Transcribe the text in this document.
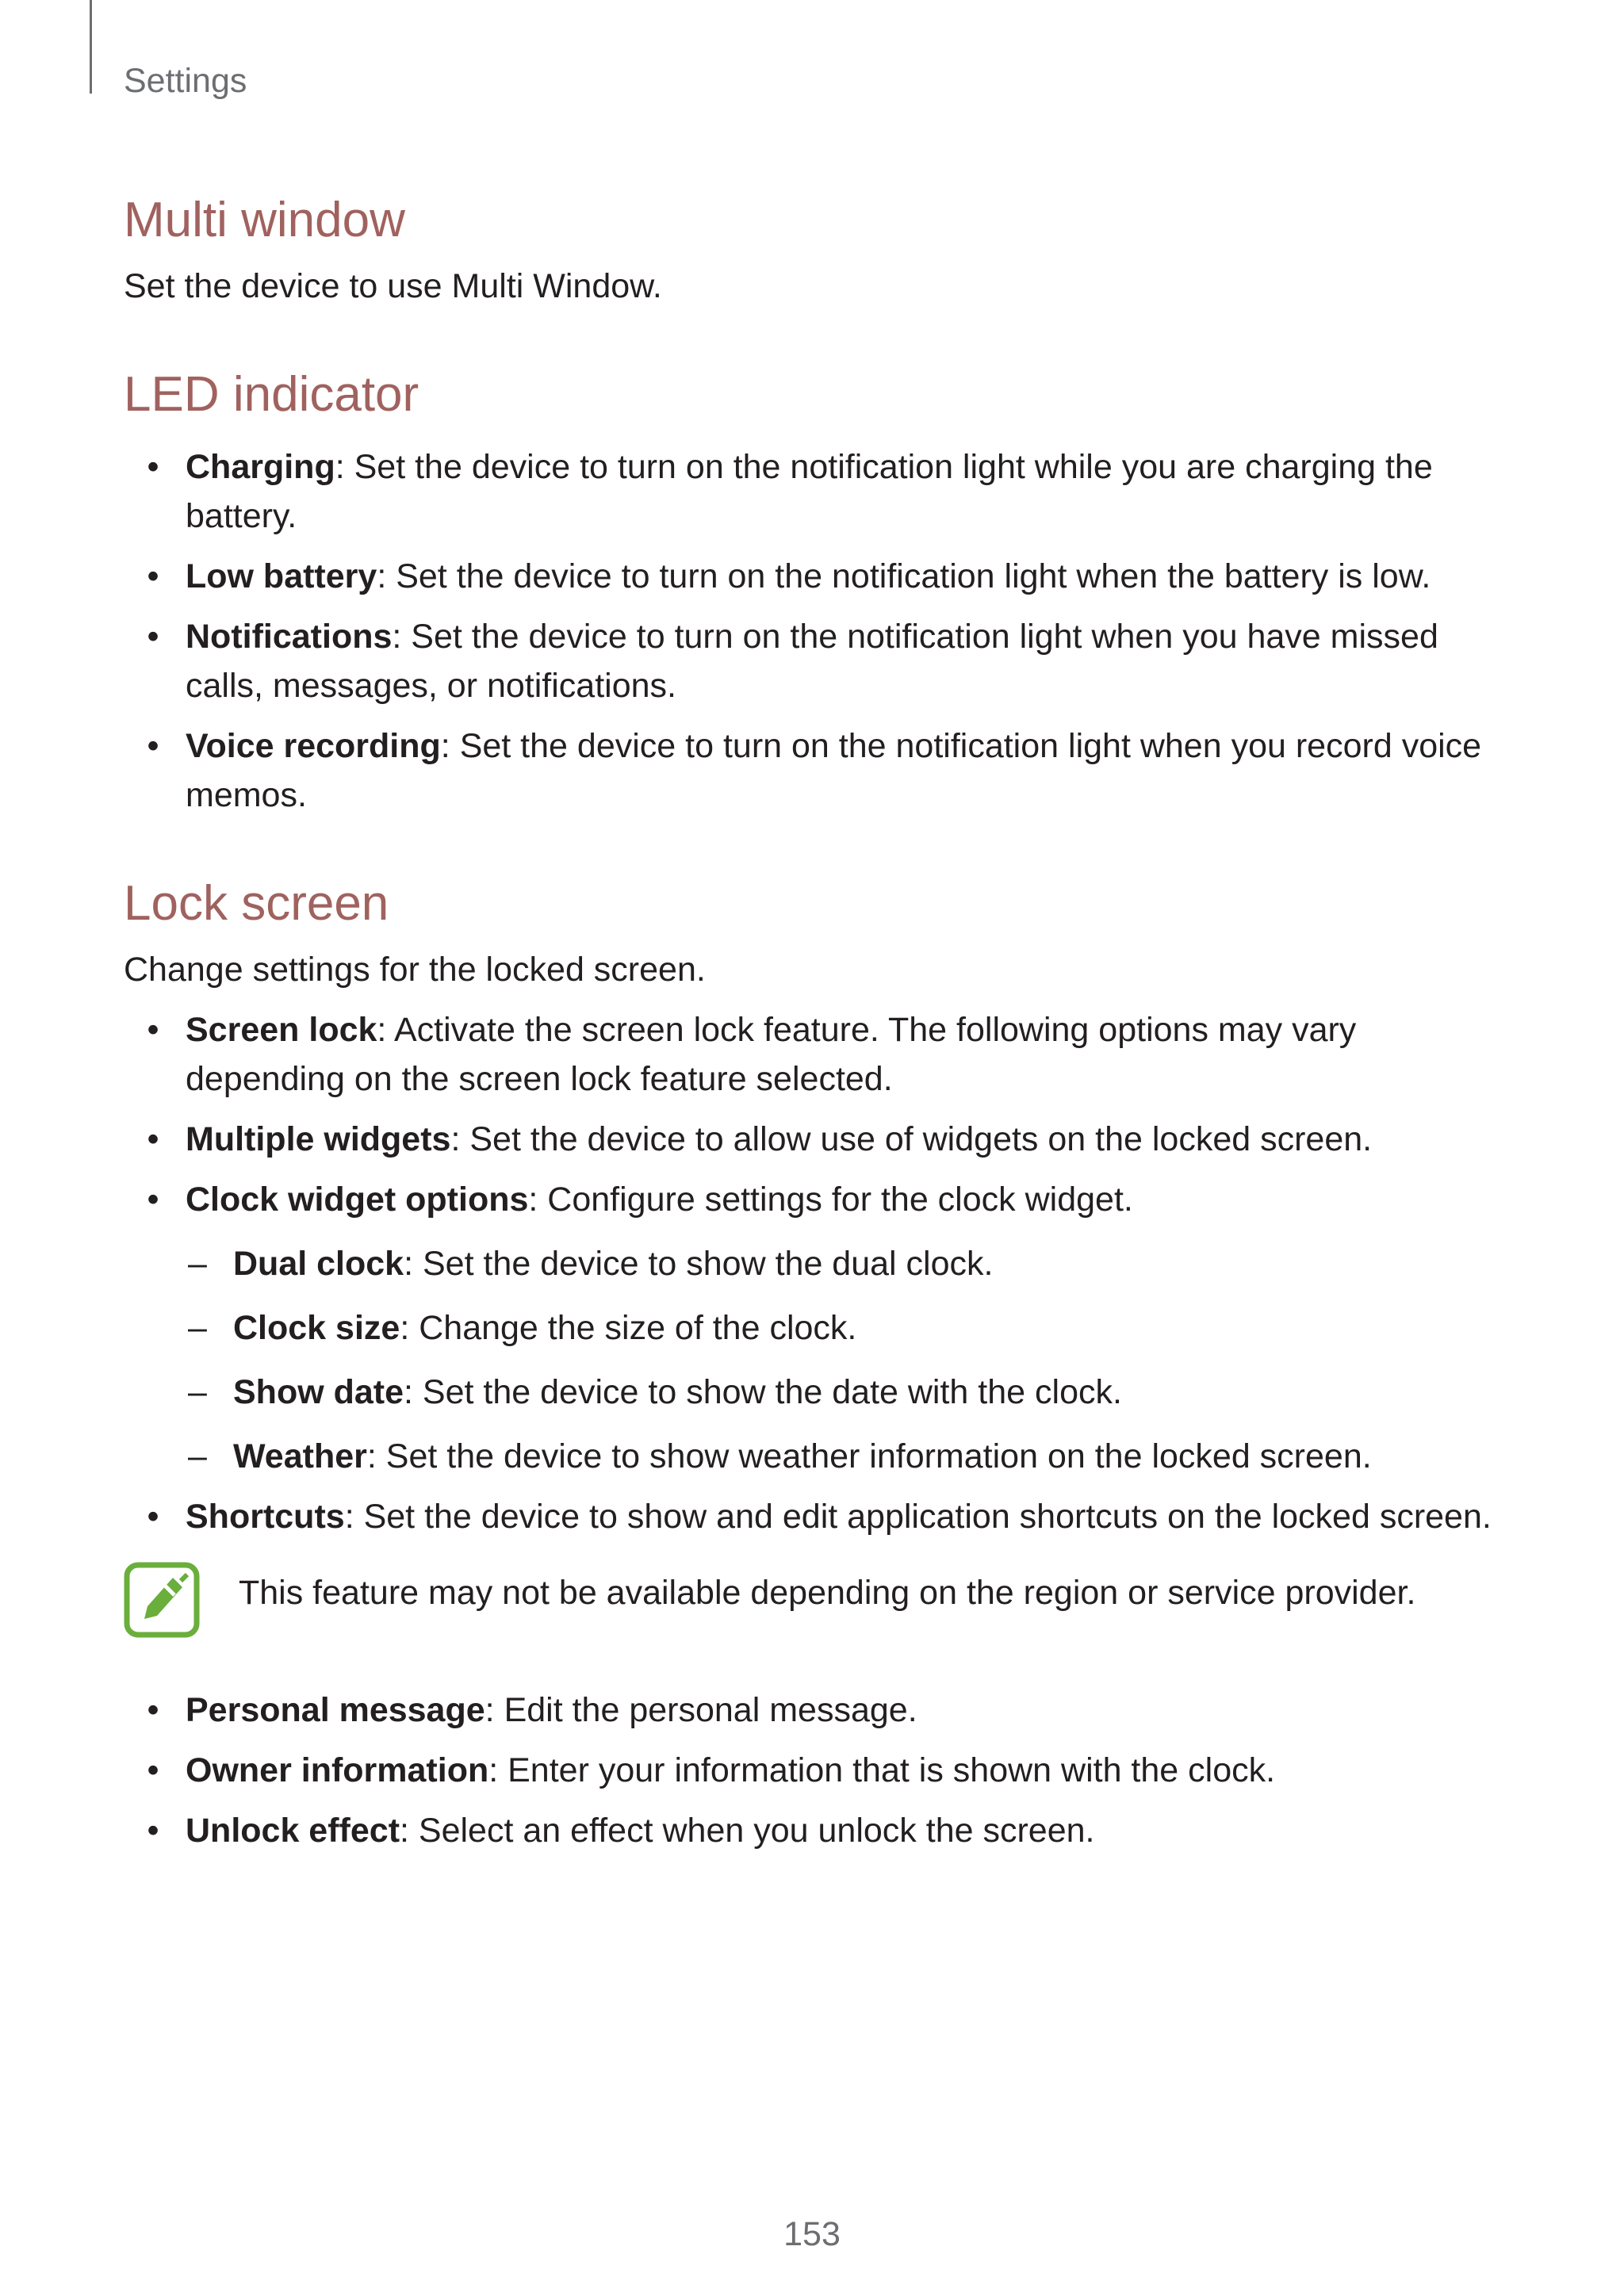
Settings
Multi window
Set the device to use Multi Window.
LED indicator
• Charging: Set the device to turn on the notification light while you are charging the battery.
• Low battery: Set the device to turn on the notification light when the battery is low.
• Notifications: Set the device to turn on the notification light when you have missed calls, messages, or notifications.
• Voice recording: Set the device to turn on the notification light when you record voice memos.
Lock screen
Change settings for the locked screen.
• Screen lock: Activate the screen lock feature. The following options may vary depending on the screen lock feature selected.
• Multiple widgets: Set the device to allow use of widgets on the locked screen.
• Clock widget options: Configure settings for the clock widget.
– Dual clock: Set the device to show the dual clock.
– Clock size: Change the size of the clock.
– Show date: Set the device to show the date with the clock.
– Weather: Set the device to show weather information on the locked screen.
• Shortcuts: Set the device to show and edit application shortcuts on the locked screen.
This feature may not be available depending on the region or service provider.
• Personal message: Edit the personal message.
• Owner information: Enter your information that is shown with the clock.
• Unlock effect: Select an effect when you unlock the screen.
153
